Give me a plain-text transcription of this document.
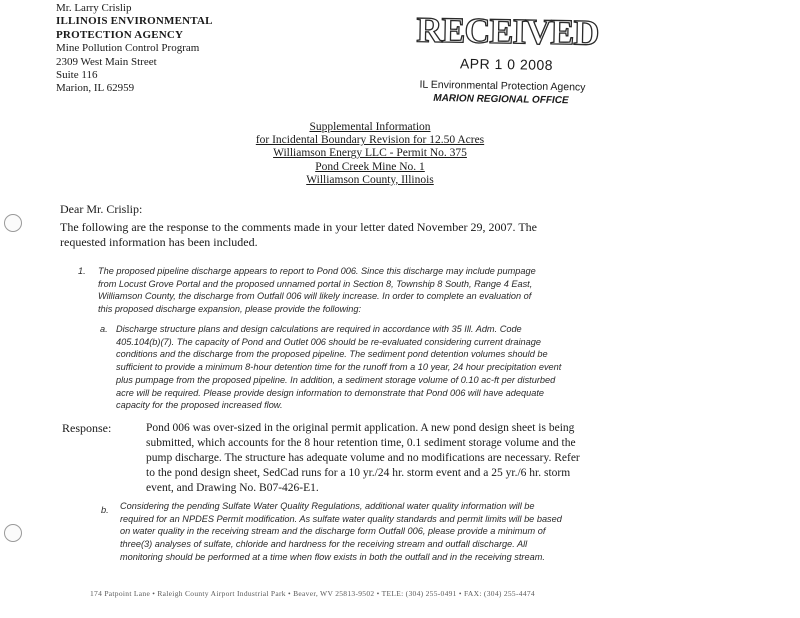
Mr. Larry Crislip
ILLINOIS ENVIRONMENTAL
PROTECTION AGENCY
Mine Pollution Control Program
2309 West Main Street
Suite 116
Marion, IL 62959
RECEIVED
APR 1 0 2008
IL Environmental Protection Agency
MARION REGIONAL OFFICE
Supplemental Information
for Incidental Boundary Revision for 12.50 Acres
Williamson Energy LLC - Permit No. 375
Pond Creek Mine No. 1
Williamson County, Illinois
Dear Mr. Crislip:
The following are the response to the comments made in your letter dated November 29, 2007. The requested information has been included.
1. The proposed pipeline discharge appears to report to Pond 006. Since this discharge may include pumpage from Locust Grove Portal and the proposed unnamed portal in Section 8, Township 8 South, Range 4 East, Williamson County, the discharge from Outfall 006 will likely increase. In order to complete an evaluation of this proposed discharge expansion, please provide the following:
a. Discharge structure plans and design calculations are required in accordance with 35 Ill. Adm. Code 405.104(b)(7). The capacity of Pond and Outlet 006 should be re-evaluated considering current drainage conditions and the discharge from the proposed pipeline. The sediment pond detention volumes should be sufficient to provide a minimum 8-hour detention time for the runoff from a 10 year, 24 hour precipitation event plus pumpage from the proposed pipeline. In addition, a sediment storage volume of 0.10 ac-ft per disturbed acre will be required. Please provide design information to demonstrate that Pond 006 will have adequate capacity for the proposed increased flow.
Response:	Pond 006 was over-sized in the original permit application. A new pond design sheet is being submitted, which accounts for the 8 hour retention time, 0.1 sediment storage volume and the pump discharge. The structure has adequate volume and no modifications are necessary. Refer to the pond design sheet, SedCad runs for a 10 yr./24 hr. storm event and a 25 yr./6 hr. storm event, and Drawing No. B07-426-E1.
b. Considering the pending Sulfate Water Quality Regulations, additional water quality information will be required for an NPDES Permit modification. As sulfate water quality standards and permit limits will be based on water quality in the receiving stream and the discharge form Outfall 006, please provide a minimum of three(3) analyses of sulfate, chloride and hardness for the receiving stream and outfall discharge. All monitoring should be performed at a time when flow exists in both the outfall and in the receiving stream.
174 Patpoint Lane • Raleigh County Airport Industrial Park • Beaver, WV 25813-9502 • TELE: (304) 255-0491 • FAX: (304) 255-4474
